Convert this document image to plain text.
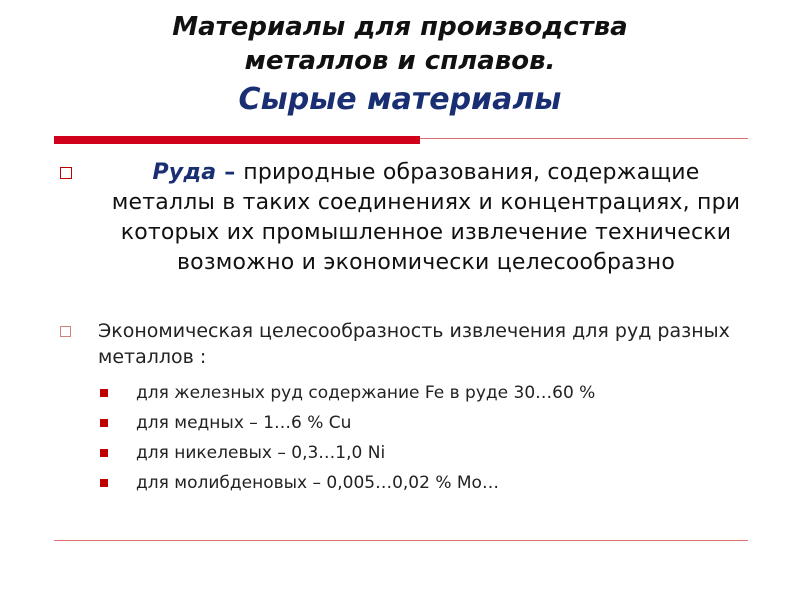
Материалы для производства
металлов и сплавов.
Сырые материалы
Руда – природные образования, содержащие металлы в таких соединениях и концентрациях, при которых их промышленное извлечение технически возможно и экономически целесообразно
Экономическая целесообразность извлечения для руд разных металлов :
для железных руд содержание Fe в руде 30…60 %
для медных – 1…6 % Cu
для никелевых – 0,3…1,0 Ni
для молибденовых – 0,005…0,02 % Mo…
